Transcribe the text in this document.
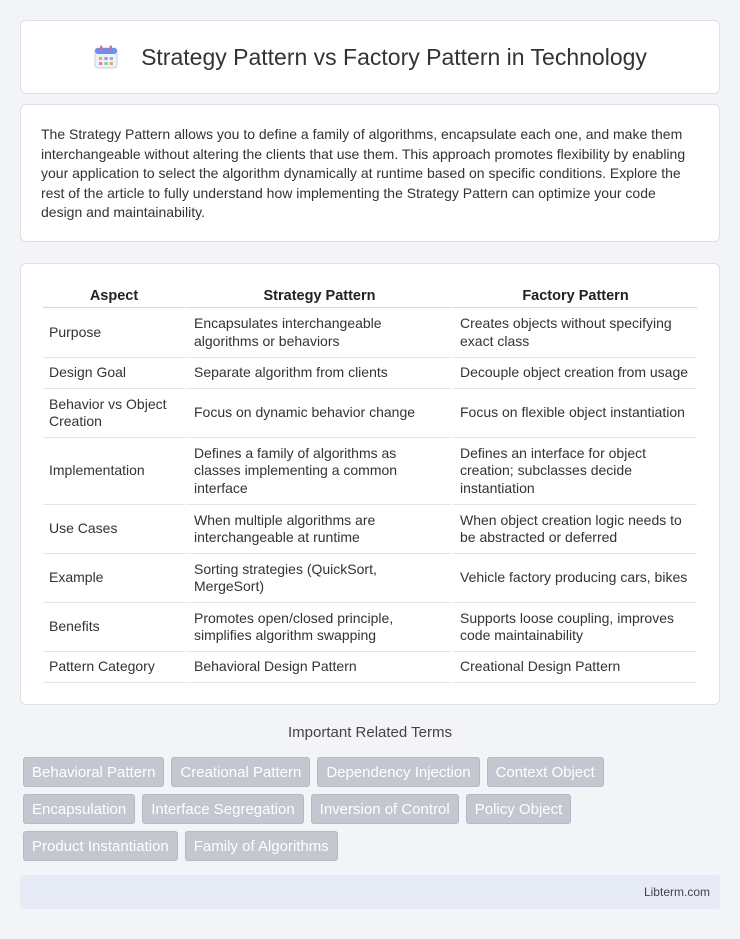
Strategy Pattern vs Factory Pattern in Technology

The Strategy Pattern allows you to define a family of algorithms, encapsulate each one, and make them interchangeable without altering the clients that use them. This approach promotes flexibility by enabling your application to select the algorithm dynamically at runtime based on specific conditions. Explore the rest of the article to fully understand how implementing the Strategy Pattern can optimize your code design and maintainability.

Aspect	Strategy Pattern	Factory Pattern
Purpose	Encapsulates interchangeable algorithms or behaviors	Creates objects without specifying exact class
Design Goal	Separate algorithm from clients	Decouple object creation from usage
Behavior vs Object Creation	Focus on dynamic behavior change	Focus on flexible object instantiation
Implementation	Defines a family of algorithms as classes implementing a common interface	Defines an interface for object creation; subclasses decide instantiation
Use Cases	When multiple algorithms are interchangeable at runtime	When object creation logic needs to be abstracted or deferred
Example	Sorting strategies (QuickSort, MergeSort)	Vehicle factory producing cars, bikes
Benefits	Promotes open/closed principle, simplifies algorithm swapping	Supports loose coupling, improves code maintainability
Pattern Category	Behavioral Design Pattern	Creational Design Pattern
Important Related Terms
Behavioral Pattern	Creational Pattern	Dependency Injection	Context Object
Encapsulation	Interface Segregation	Inversion of Control	Policy Object
Product Instantiation	Family of Algorithms
Libterm.com
